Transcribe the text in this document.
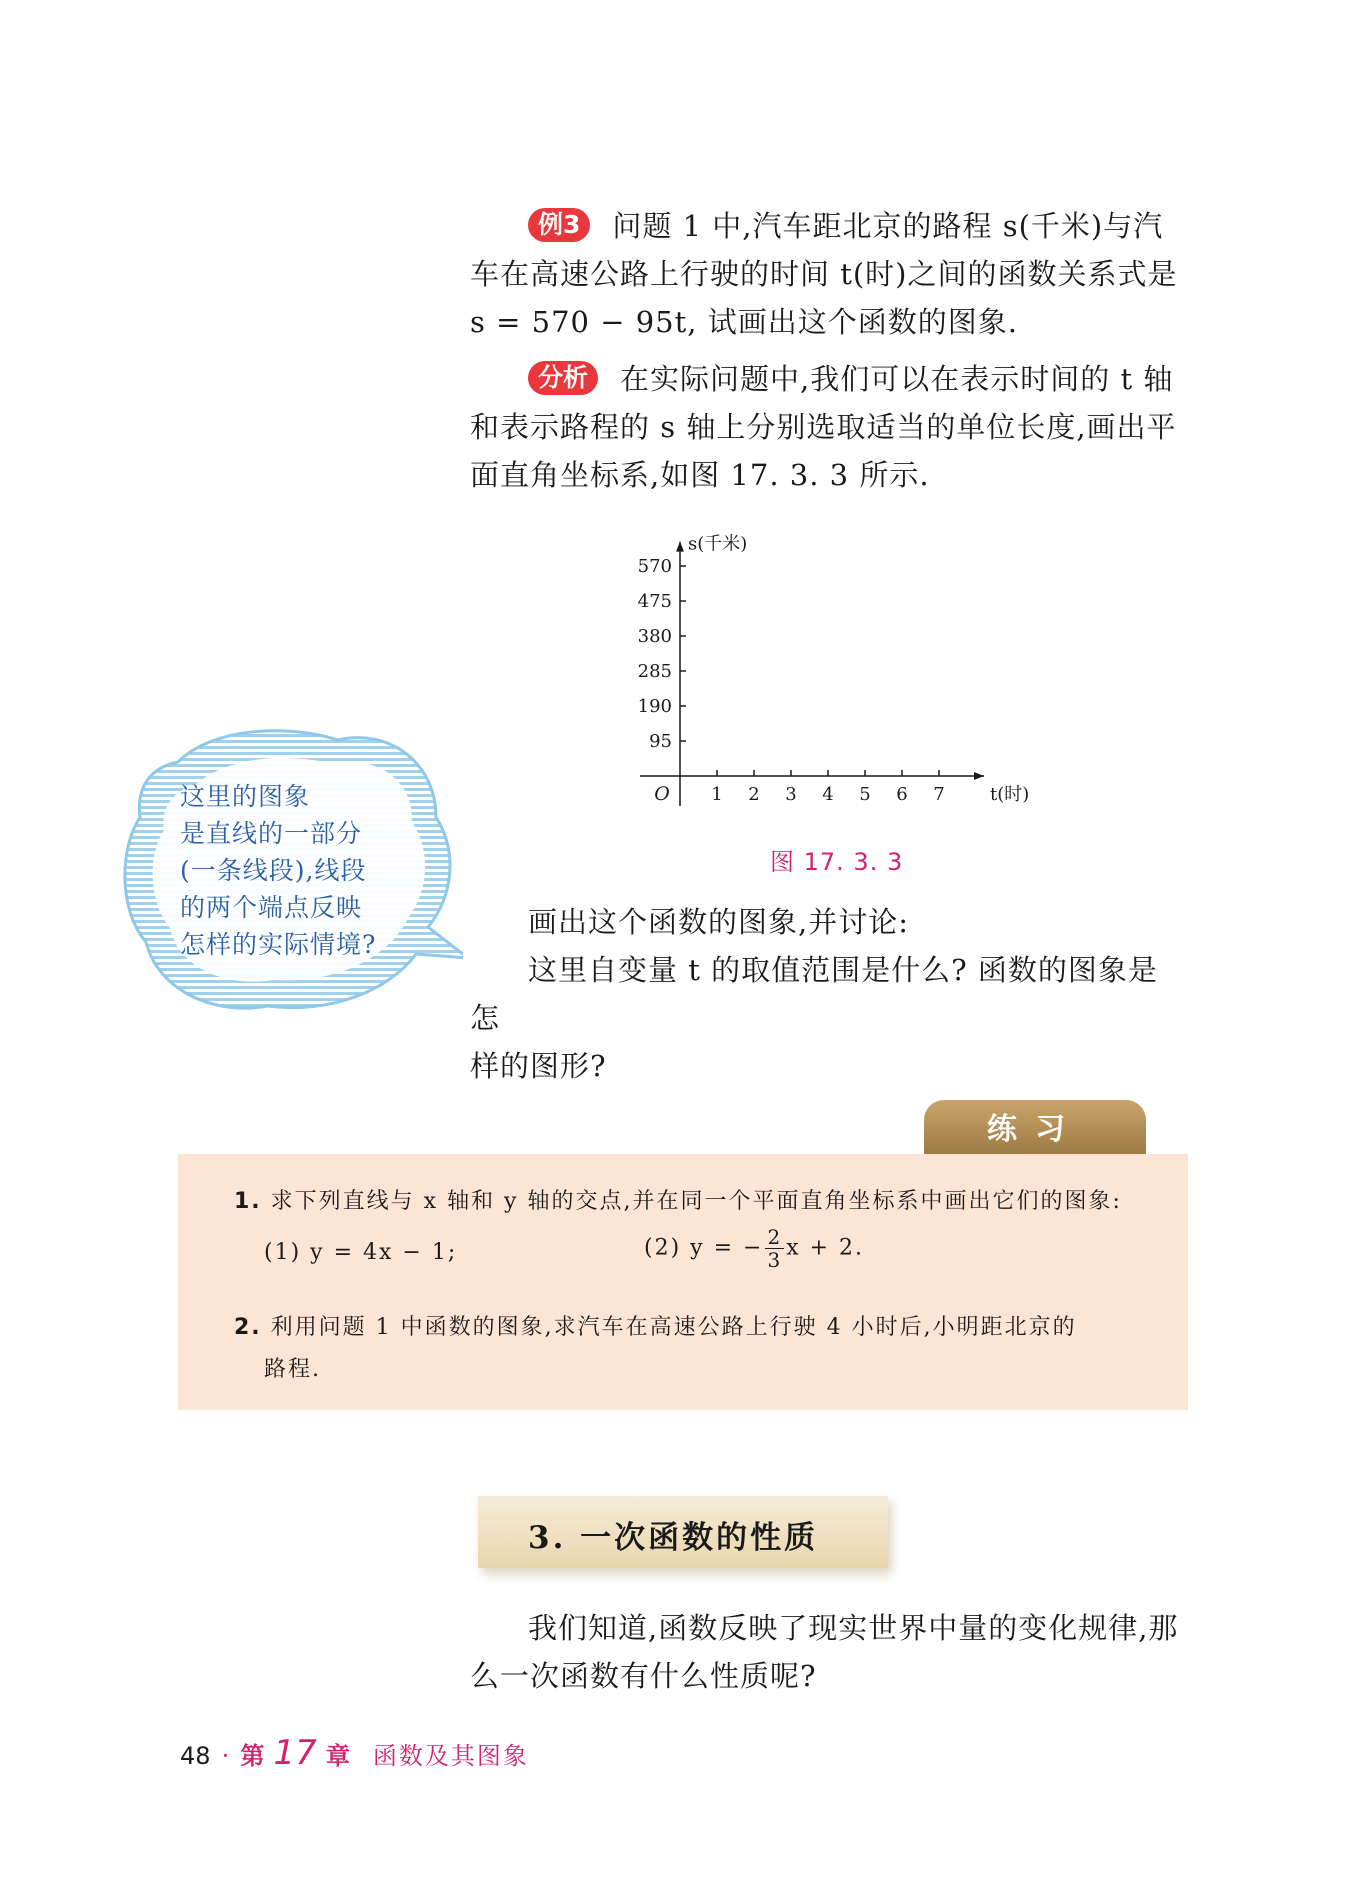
例3 问题 1 中,汽车距北京的路程 s(千米)与汽
车在高速公路上行驶的时间 t(时)之间的函数关系式是
s = 570 − 95t, 试画出这个函数的图象.
分析 在实际问题中,我们可以在表示时间的 t 轴
和表示路程的 s 轴上分别选取适当的单位长度,画出平
面直角坐标系,如图 17. 3. 3 所示.
1 2 3 4 5 6 7
95
190
285
380
475
570
O	t(时)
s(千米)
图 17. 3. 3
这里的图象
是直线的一部分
(一条线段),线段
的两个端点反映
怎样的实际情境?
画出这个函数的图象,并讨论:
这里自变量 t 的取值范围是什么? 函数的图象是怎
样的图形?
练习
1. 求下列直线与 x 轴和 y 轴的交点,并在同一个平面直角坐标系中画出它们的图象:
(1) y = 4x − 1;	(2) y = − $\frac{2}{3}$ x + 2.
2. 利用问题 1 中函数的图象,求汽车在高速公路上行驶 4 小时后,小明距北京的
路程.
3. 一次函数的性质
我们知道,函数反映了现实世界中量的变化规律,那
么一次函数有什么性质呢?
48 · 第 17 章 函数及其图象
